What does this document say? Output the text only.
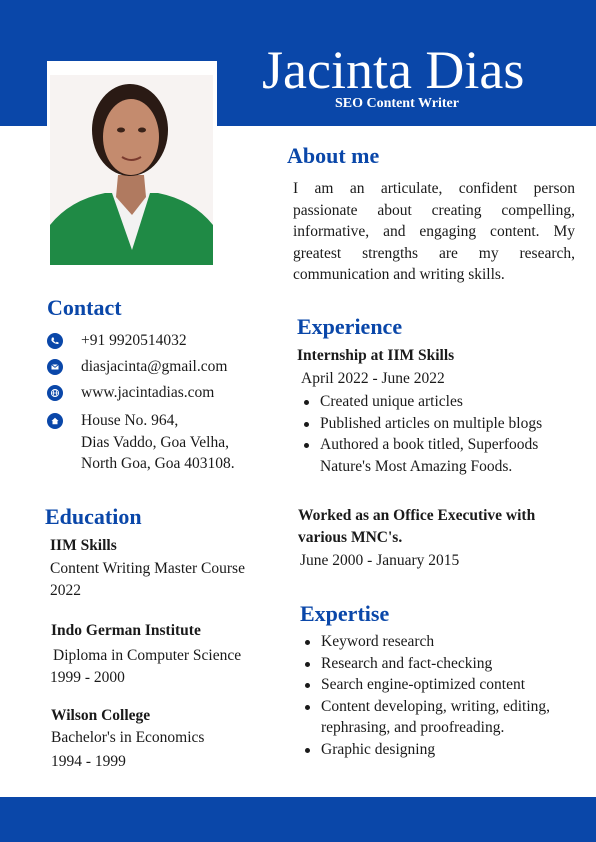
Jacinta Dias
SEO Content Writer
About me
I am an articulate, confident person passionate about creating compelling, informative, and engaging content. My greatest strengths are my research, communication and writing skills.
Contact
+91 9920514032
diasjacinta@gmail.com
www.jacintadias.com
House No. 964,
Dias Vaddo, Goa Velha,
North Goa, Goa 403108.
Education
IIM Skills
Content Writing Master Course
2022
Indo German Institute
Diploma in Computer Science
1999 - 2000
Wilson College
Bachelor's in Economics
1994 - 1999
Experience
Internship at IIM Skills
April 2022 - June 2022
Created unique articles
Published articles on multiple blogs
Authored a book titled, Superfoods Nature's Most Amazing Foods.
Worked as an Office Executive with various MNC's.
June 2000 - January 2015
Expertise
Keyword research
Research and fact-checking
Search engine-optimized content
Content developing, writing, editing, rephrasing, and proofreading.
Graphic designing
